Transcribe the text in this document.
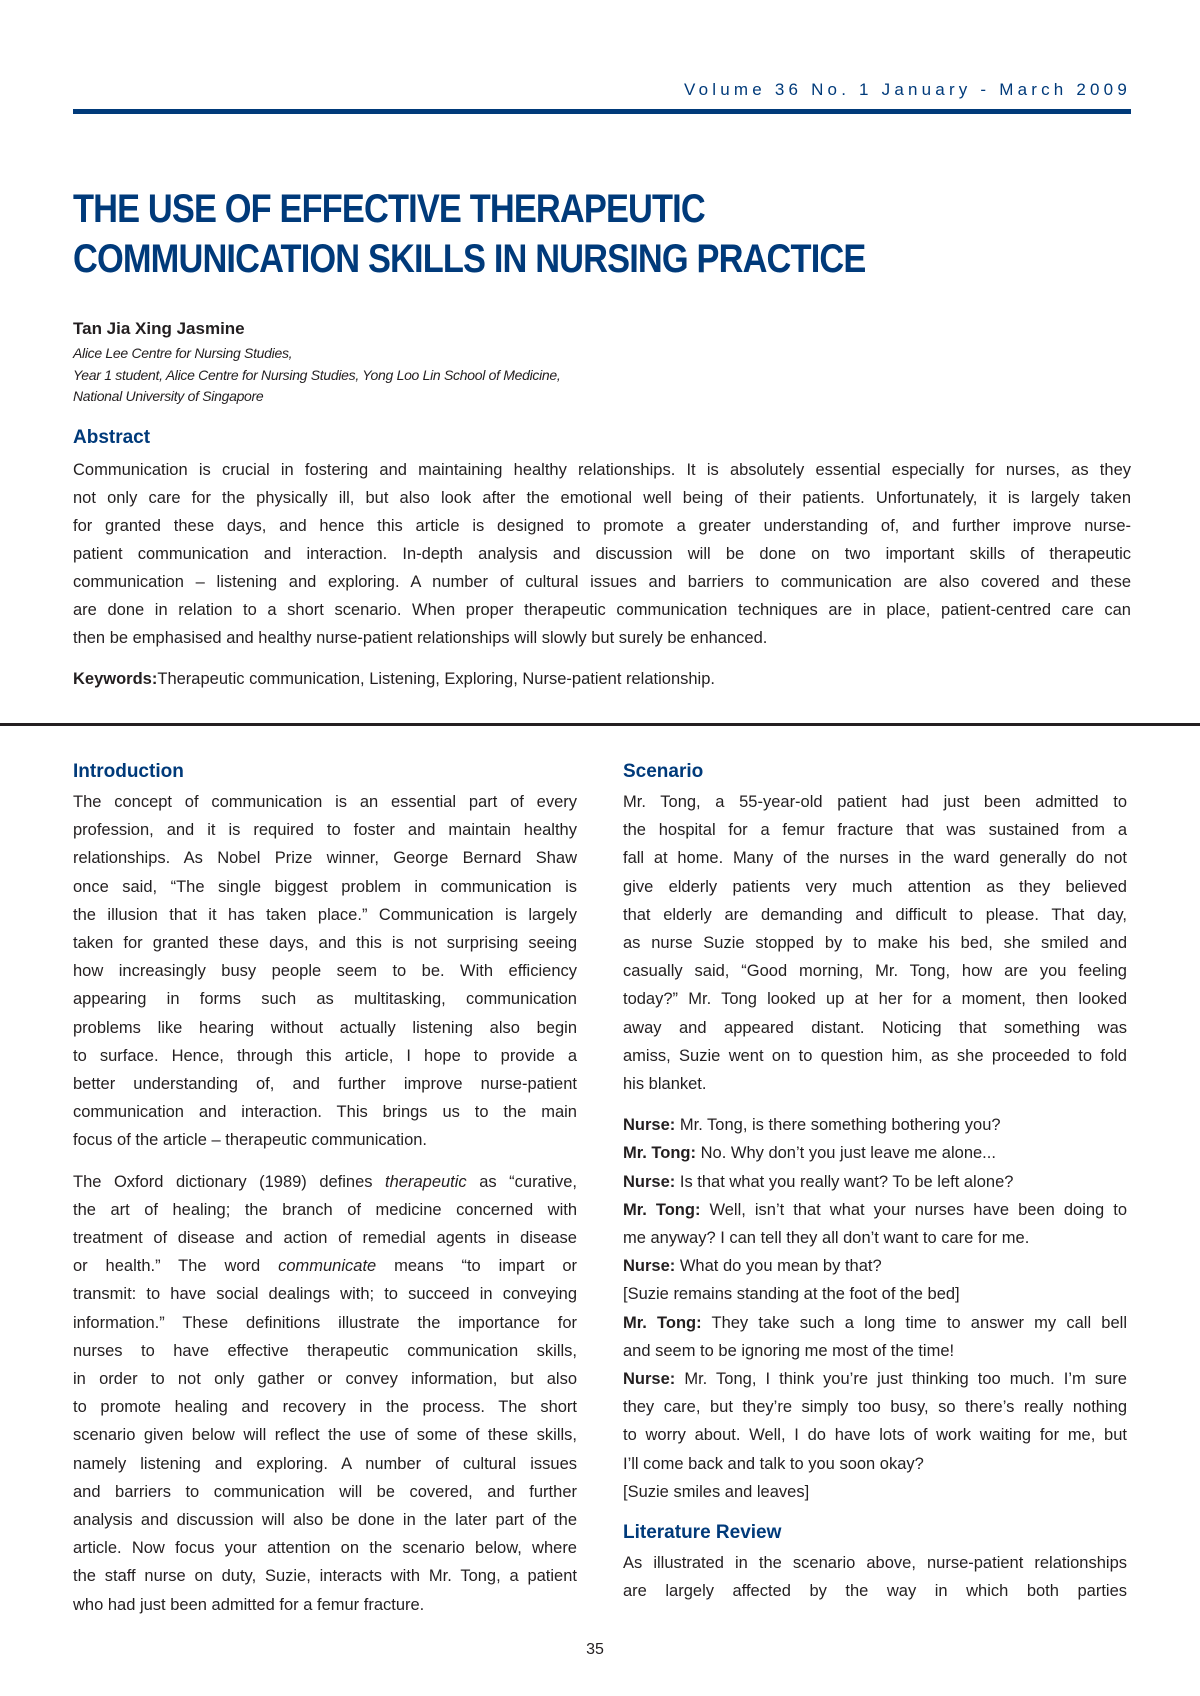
Volume 36 No. 1 January - March 2009
THE USE OF EFFECTIVE THERAPEUTIC
COMMUNICATION SKILLS IN NURSING PRACTICE
Tan Jia Xing Jasmine
Alice Lee Centre for Nursing Studies,
Year 1 student, Alice Centre for Nursing Studies, Yong Loo Lin School of Medicine,
National University of Singapore
Abstract
Communication is crucial in fostering and maintaining healthy relationships. It is absolutely essential especially for nurses, as they
not only care for the physically ill, but also look after the emotional well being of their patients. Unfortunately, it is largely taken
for granted these days, and hence this article is designed to promote a greater understanding of, and further improve nurse-
patient communication and interaction. In-depth analysis and discussion will be done on two important skills of therapeutic
communication – listening and exploring. A number of cultural issues and barriers to communication are also covered and these
are done in relation to a short scenario. When proper therapeutic communication techniques are in place, patient-centred care can
then be emphasised and healthy nurse-patient relationships will slowly but surely be enhanced.
Keywords:Therapeutic communication, Listening, Exploring, Nurse-patient relationship.
Introduction
The concept of communication is an essential part of every
profession, and it is required to foster and maintain healthy
relationships. As Nobel Prize winner, George Bernard Shaw
once said, “The single biggest problem in communication is
the illusion that it has taken place.” Communication is largely
taken for granted these days, and this is not surprising seeing
how increasingly busy people seem to be. With efficiency
appearing in forms such as multitasking, communication
problems like hearing without actually listening also begin
to surface. Hence, through this article, I hope to provide a
better understanding of, and further improve nurse-patient
communication and interaction. This brings us to the main
focus of the article – therapeutic communication.
The Oxford dictionary (1989) defines therapeutic as “curative,
the art of healing; the branch of medicine concerned with
treatment of disease and action of remedial agents in disease
or health.” The word communicate means “to impart or
transmit: to have social dealings with; to succeed in conveying
information.” These definitions illustrate the importance for
nurses to have effective therapeutic communication skills,
in order to not only gather or convey information, but also
to promote healing and recovery in the process. The short
scenario given below will reflect the use of some of these skills,
namely listening and exploring. A number of cultural issues
and barriers to communication will be covered, and further
analysis and discussion will also be done in the later part of the
article. Now focus your attention on the scenario below, where
the staff nurse on duty, Suzie, interacts with Mr. Tong, a patient
who had just been admitted for a femur fracture.
Scenario
Mr. Tong, a 55-year-old patient had just been admitted to
the hospital for a femur fracture that was sustained from a
fall at home. Many of the nurses in the ward generally do not
give elderly patients very much attention as they believed
that elderly are demanding and difficult to please. That day,
as nurse Suzie stopped by to make his bed, she smiled and
casually said, “Good morning, Mr. Tong, how are you feeling
today?” Mr. Tong looked up at her for a moment, then looked
away and appeared distant. Noticing that something was
amiss, Suzie went on to question him, as she proceeded to fold
his blanket.
Nurse: Mr. Tong, is there something bothering you?
Mr. Tong: No. Why don’t you just leave me alone...
Nurse: Is that what you really want? To be left alone?
Mr. Tong: Well, isn’t that what your nurses have been doing to
me anyway? I can tell they all don’t want to care for me.
Nurse: What do you mean by that?
[Suzie remains standing at the foot of the bed]
Mr. Tong: They take such a long time to answer my call bell
and seem to be ignoring me most of the time!
Nurse: Mr. Tong, I think you’re just thinking too much. I’m sure
they care, but they’re simply too busy, so there’s really nothing
to worry about. Well, I do have lots of work waiting for me, but
I’ll come back and talk to you soon okay?
[Suzie smiles and leaves]
Literature Review
As illustrated in the scenario above, nurse-patient relationships
are largely affected by the way in which both parties
35
